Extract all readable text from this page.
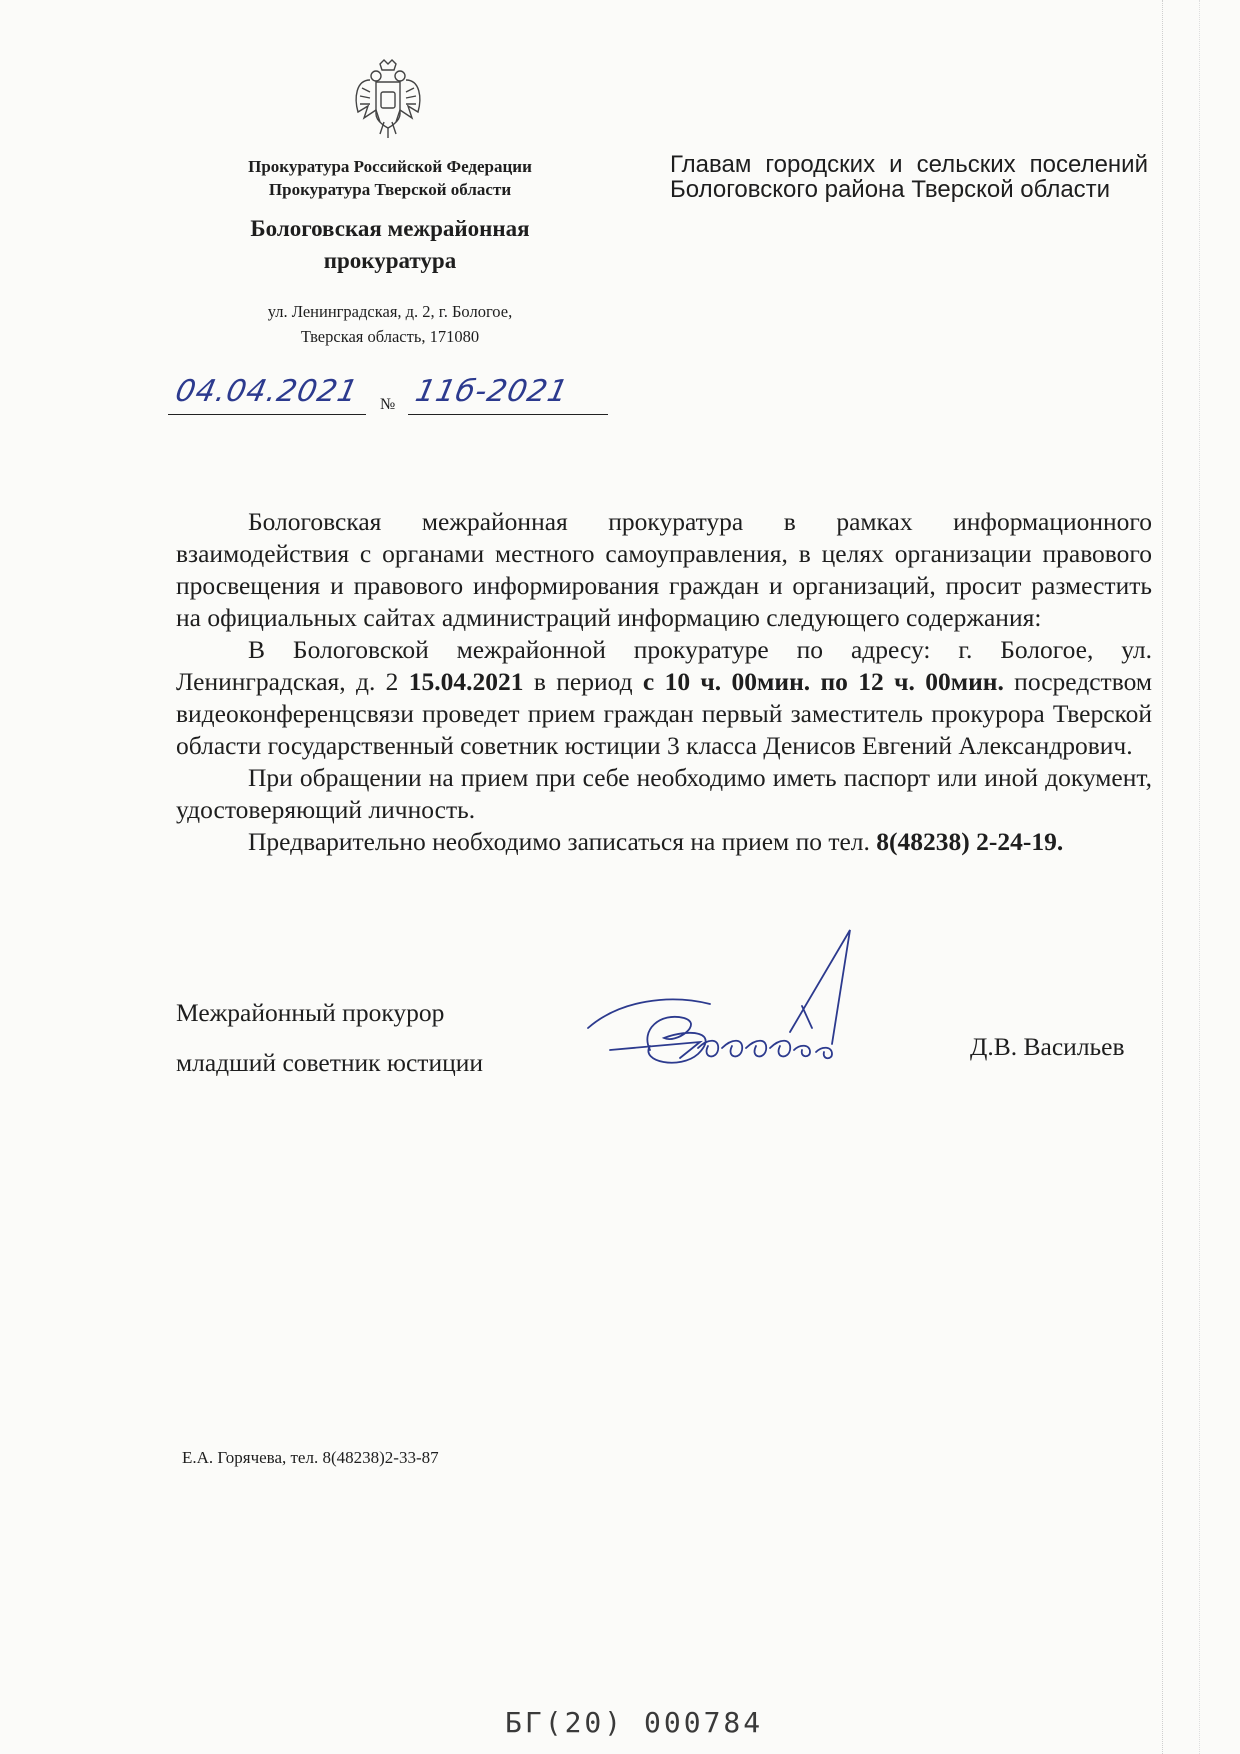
Прокуратура Российской Федерации
Прокуратура Тверской области
Бологовская межрайонная
прокуратура
ул. Ленинградская, д. 2, г. Бологое,
Тверская область, 171080
Главам городских и сельских поселений Бологовского района Тверской области
04.04.2021 № 11б-2021

Бологовская межрайонная прокуратура в рамках информационного взаимодействия с органами местного самоуправления, в целях организации правового просвещения и правового информирования граждан и организаций, просит разместить на официальных сайтах администраций информацию следующего содержания:

В Бологовской межрайонной прокуратуре по адресу: г. Бологое, ул. Ленинградская, д. 2 15.04.2021 в период с 10 ч. 00мин. по 12 ч. 00мин. посредством видеоконференцсвязи проведет прием граждан первый заместитель прокурора Тверской области государственный советник юстиции 3 класса Денисов Евгений Александрович.

При обращении на прием при себе необходимо иметь паспорт или иной документ, удостоверяющий личность.

Предварительно необходимо записаться на прием по тел. 8(48238) 2-24-19.

Межрайонный прокурор
младший советник юстиции
Д.В. Васильев
Е.А. Горячева, тел. 8(48238)2-33-87
БГ(20) 000784
